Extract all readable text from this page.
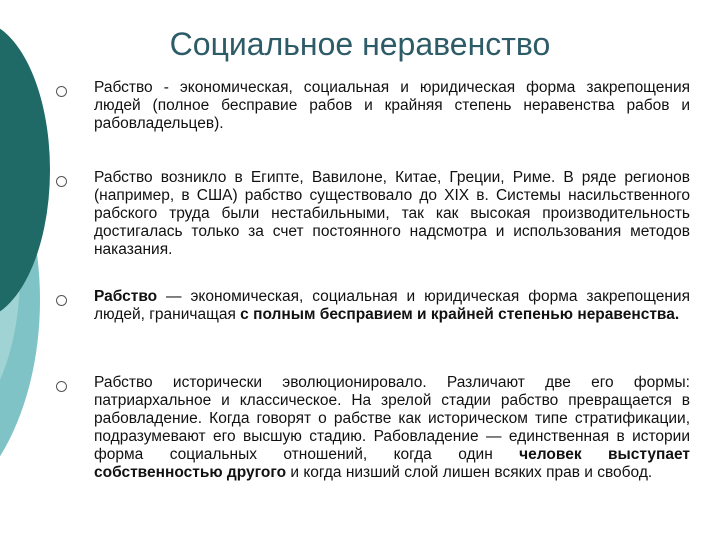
Социальное неравенство
Рабство - экономическая, социальная и юридическая форма закрепощения людей (полное бесправие рабов и крайняя степень неравенства рабов и рабовладельцев).
Рабство возникло в Египте, Вавилоне, Китае, Греции, Риме. В ряде регионов (например, в США) рабство существовало до XIX в. Системы насильственного рабского труда были нестабильными, так как высокая производительность достигалась только за счет постоянного надсмотра и использования методов наказания.
Рабство — экономическая, социальная и юридическая форма закрепощения людей, граничащая с полным бесправием и крайней степенью неравенства.
Рабство исторически эволюционировало. Различают две его формы: патриархальное и классическое. На зрелой стадии рабство превращается в рабовладение. Когда говорят о рабстве как историческом типе стратификации, подразумевают его высшую стадию. Рабовладение — единственная в истории форма социальных отношений, когда один человек выступает собственностью другого и когда низший слой лишен всяких прав и свобод.
